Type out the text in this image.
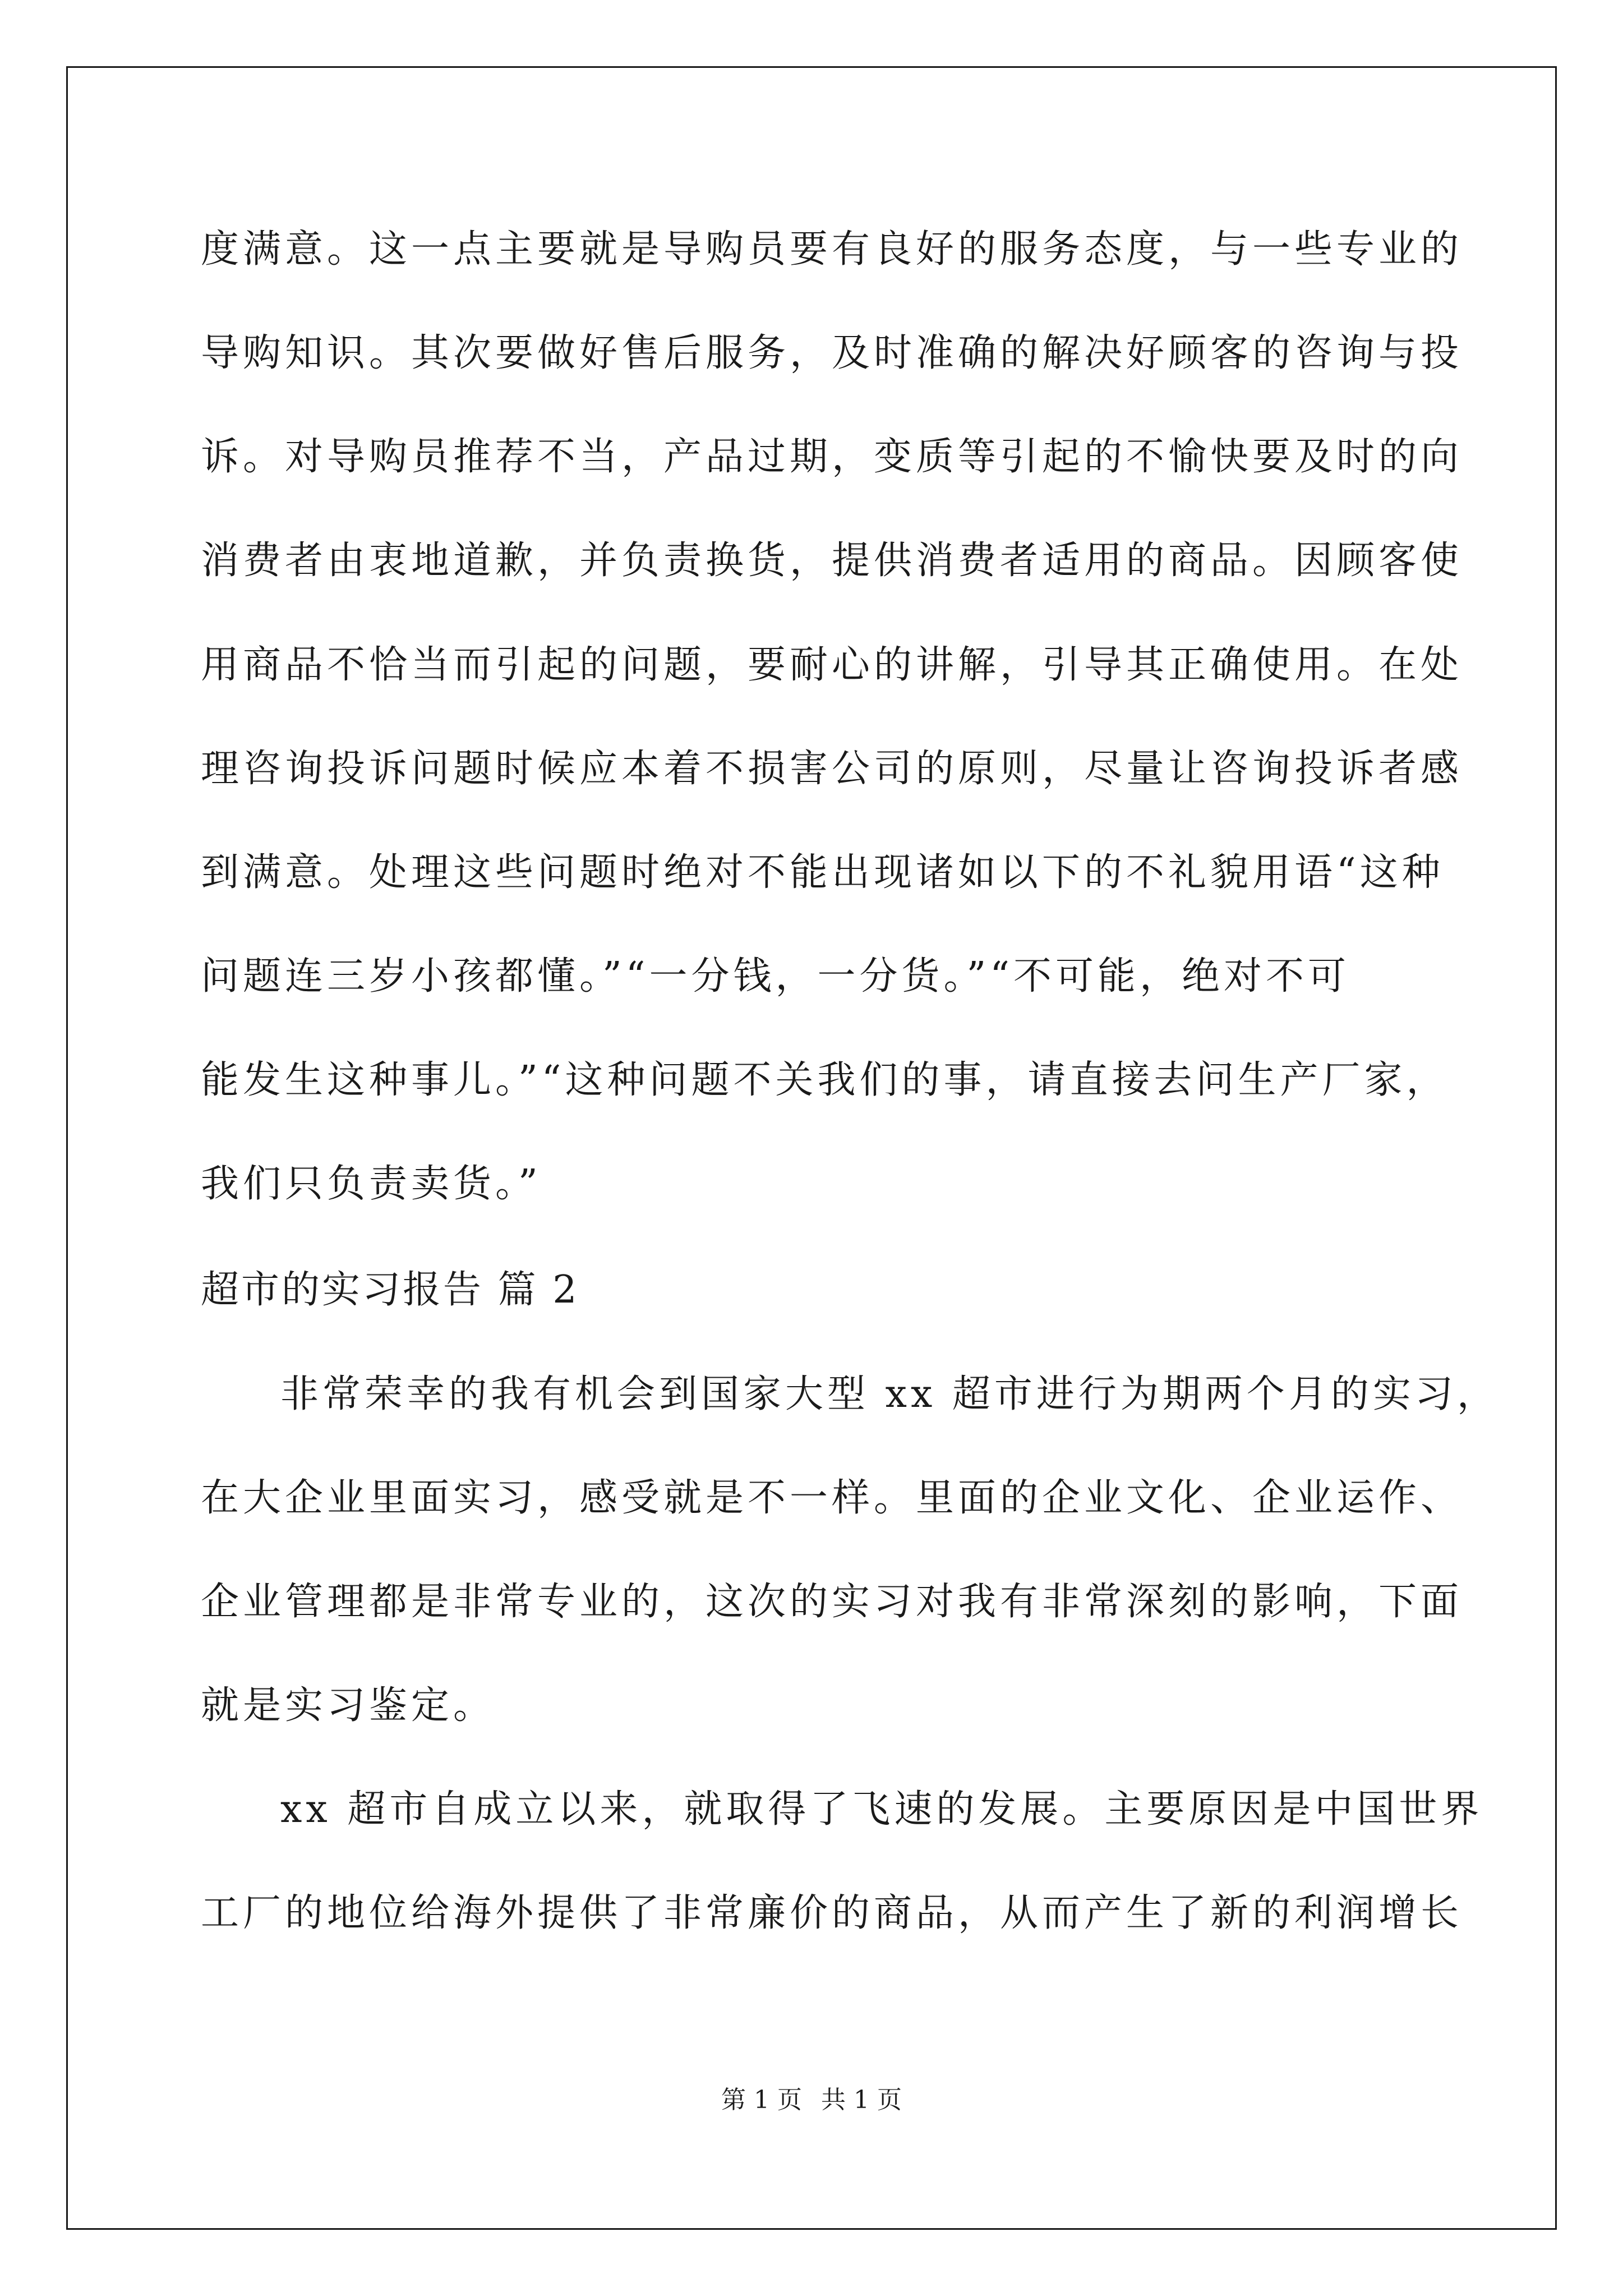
度满意。这一点主要就是导购员要有良好的服务态度，与一些专业的
导购知识。其次要做好售后服务，及时准确的解决好顾客的咨询与投
诉。对导购员推荐不当，产品过期，变质等引起的不愉快要及时的向
消费者由衷地道歉，并负责换货，提供消费者适用的商品。因顾客使
用商品不恰当而引起的问题，要耐心的讲解，引导其正确使用。在处
理咨询投诉问题时候应本着不损害公司的原则，尽量让咨询投诉者感
到满意。处理这些问题时绝对不能出现诸如以下的不礼貌用语“这种
问题连三岁小孩都懂。”“一分钱，一分货。”“不可能，绝对不可
能发生这种事儿。”“这种问题不关我们的事，请直接去问生产厂家，
我们只负责卖货。”
超市的实习报告 篇 2
非常荣幸的我有机会到国家大型 xx 超市进行为期两个月的实习，
在大企业里面实习，感受就是不一样。里面的企业文化、企业运作、
企业管理都是非常专业的，这次的实习对我有非常深刻的影响，下面
就是实习鉴定。
xx 超市自成立以来，就取得了飞速的发展。主要原因是中国世界
工厂的地位给海外提供了非常廉价的商品，从而产生了新的利润增长
第 1 页 共 1 页
